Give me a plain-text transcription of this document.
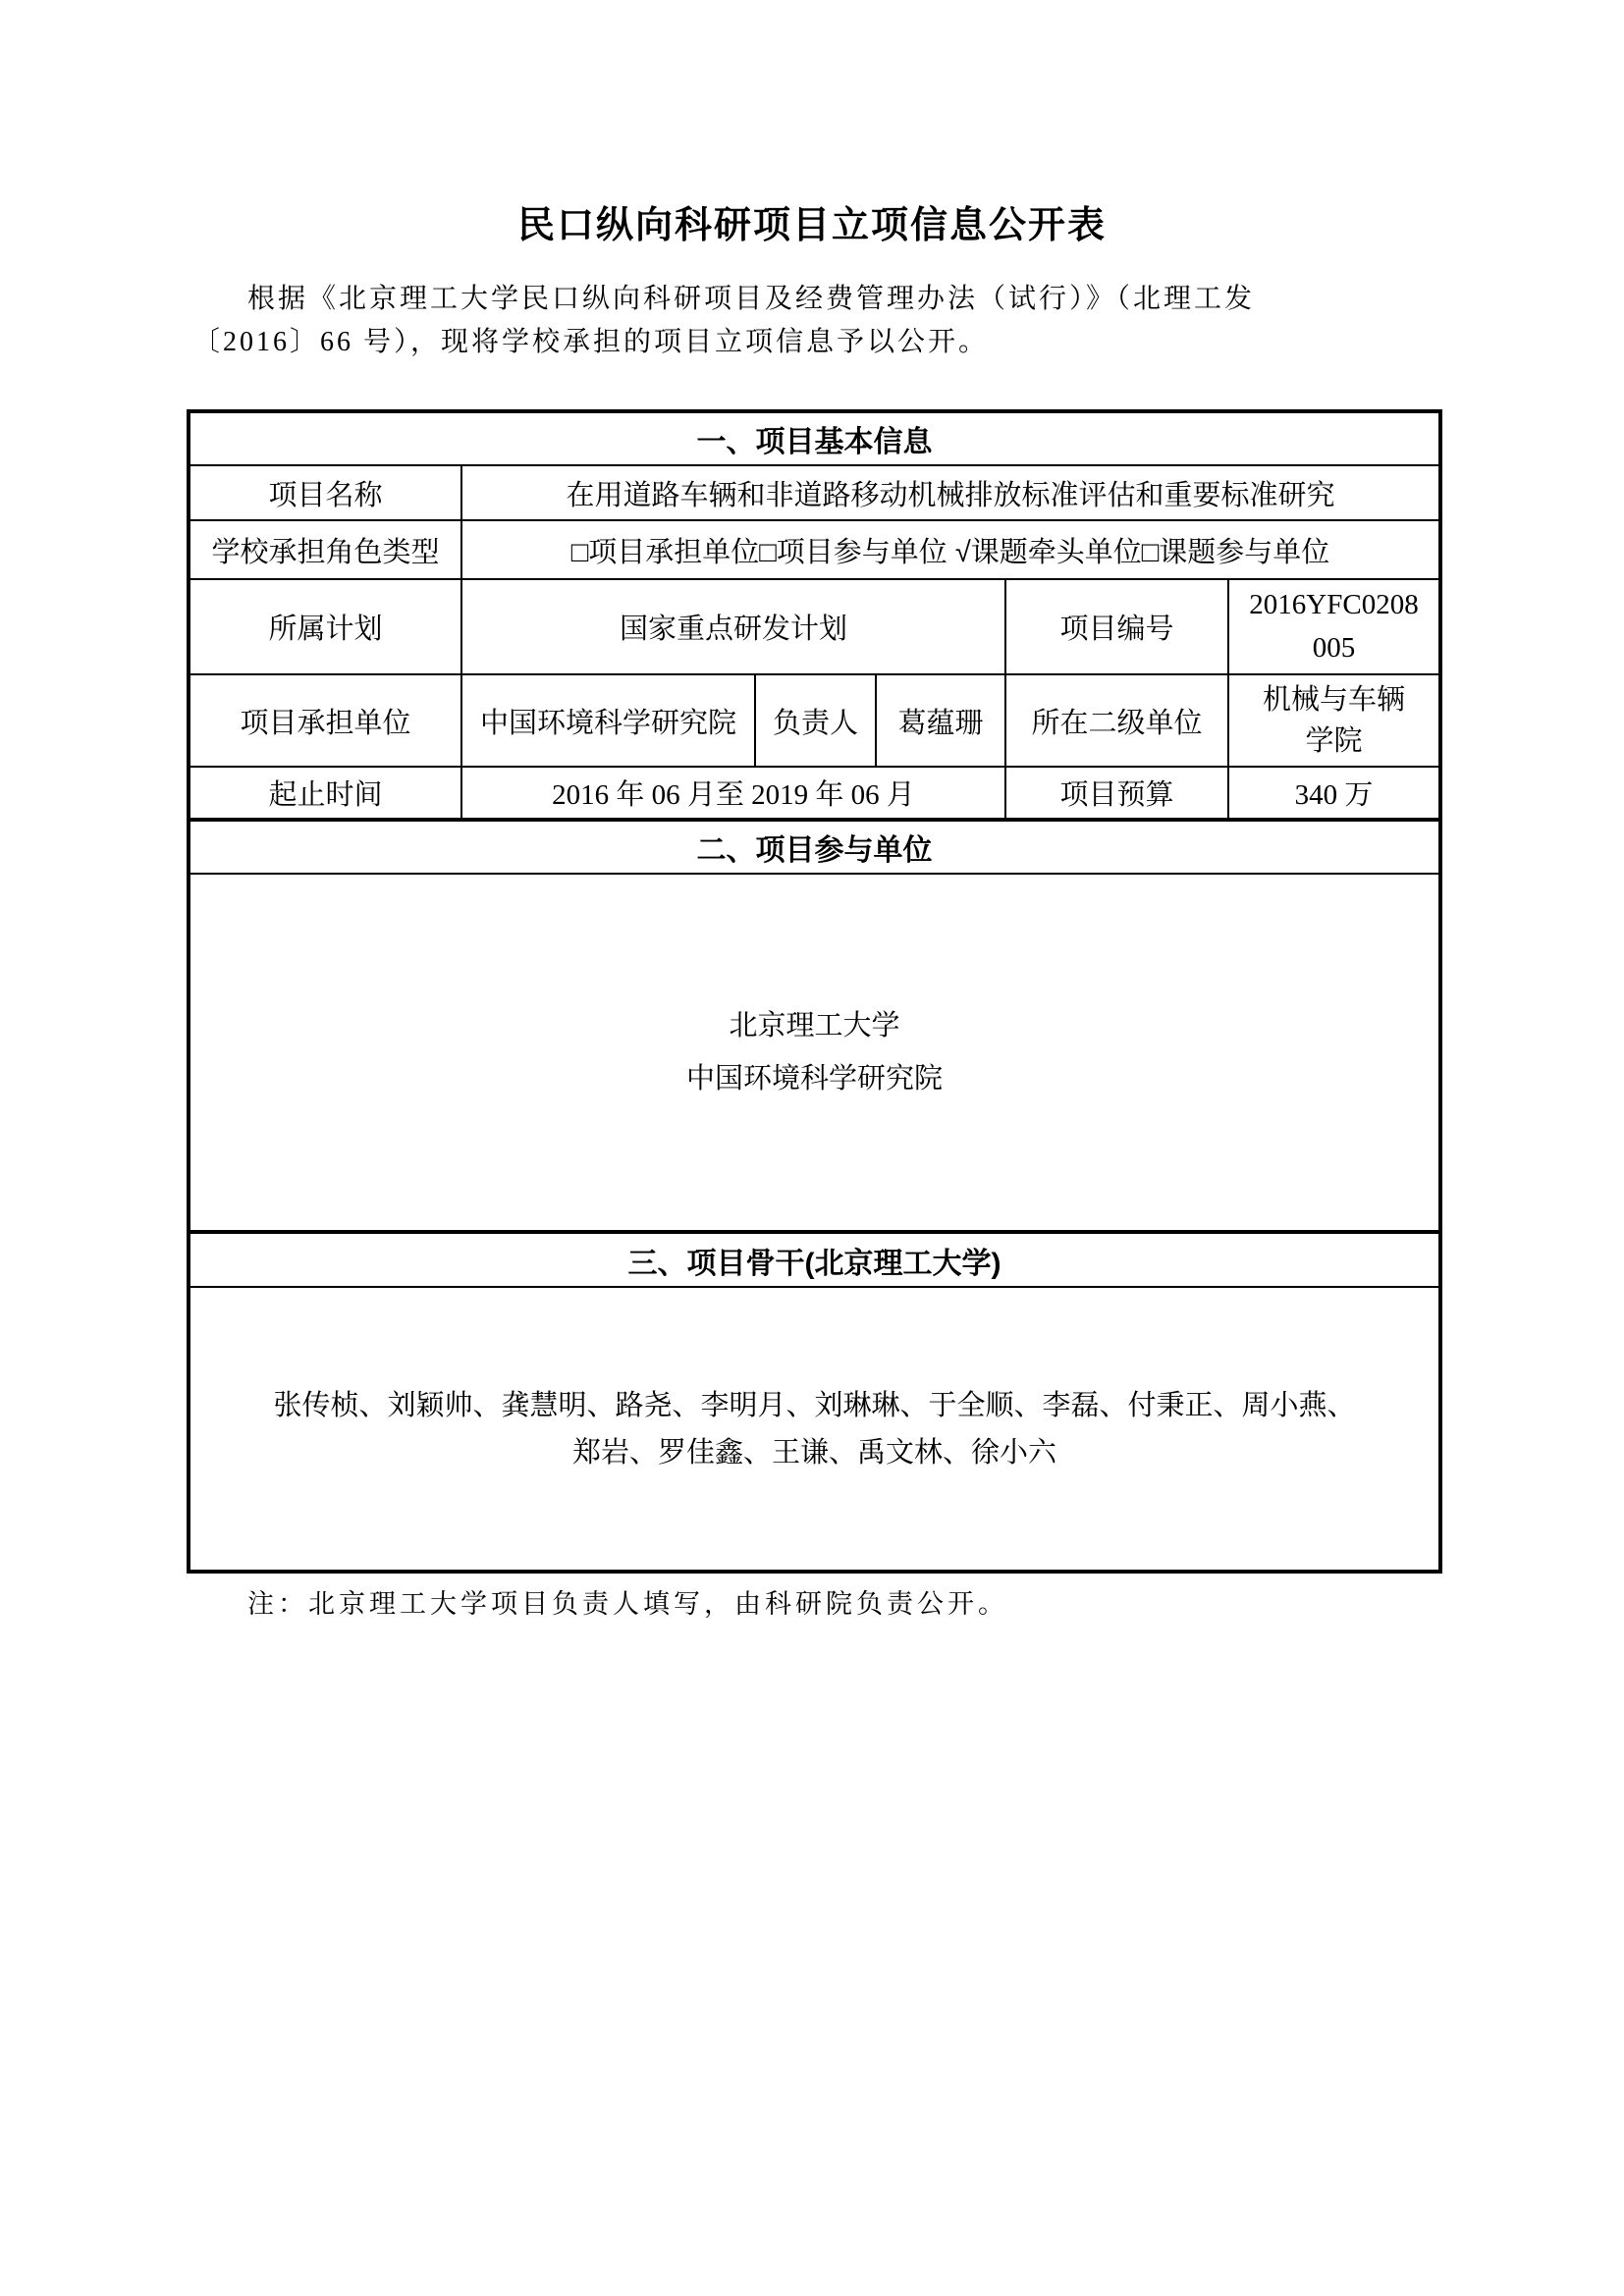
民口纵向科研项目立项信息公开表
根据《北京理工大学民口纵向科研项目及经费管理办法（试行）》（北理工发
〔2016〕66 号），现将学校承担的项目立项信息予以公开。
一、项目基本信息					
项目名称	在用道路车辆和非道路移动机械排放标准评估和重要标准研究				
学校承担角色类型	□项目承担单位□项目参与单位 √课题牵头单位□课题参与单位				
所属计划	国家重点研发计划			项目编号	2016YFC0208005

项目承担单位	中国环境科学研究院	负责人	葛蕴珊	所在二级单位	机械与车辆学院

起止时间	2016 年 06 月至 2019 年 06 月			项目预算	340 万
二、项目参与单位					

北京理工大学
中国环境科学研究院					

三、项目骨干(北京理工大学)					

张传桢、刘颖帅、龚慧明、路尧、李明月、刘琳琳、于全顺、李磊、付秉正、周小燕、
郑岩、罗佳鑫、王谦、禹文林、徐小六					
注：北京理工大学项目负责人填写，由科研院负责公开。
